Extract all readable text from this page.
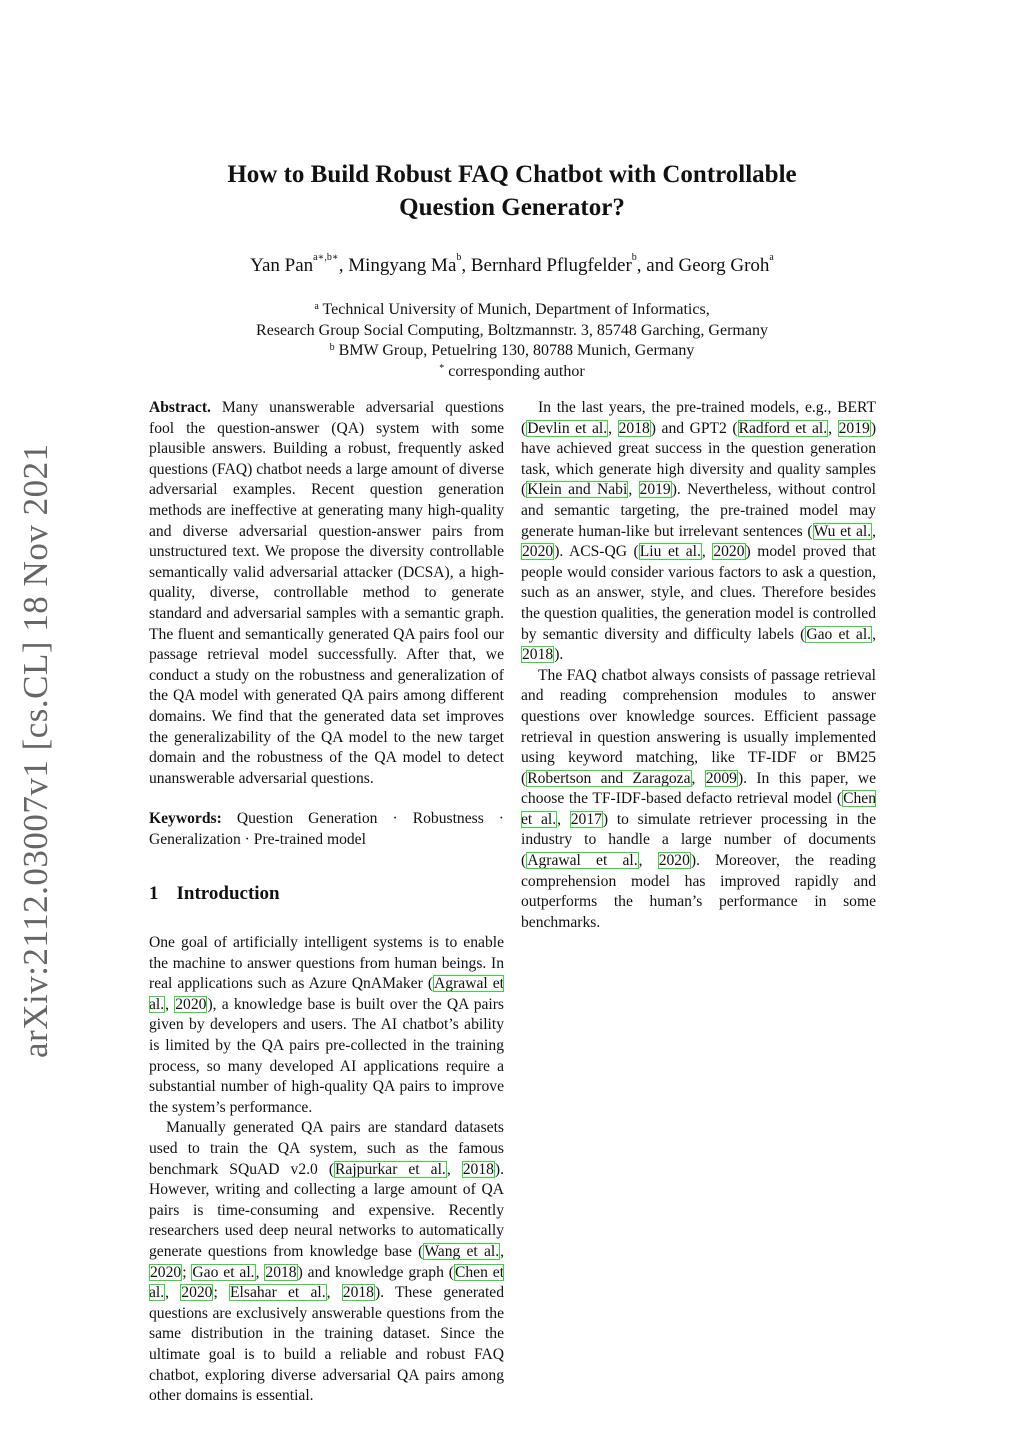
arXiv:2112.03007v1 [cs.CL] 18 Nov 2021
How to Build Robust FAQ Chatbot with Controllable
Question Generator?
Yan Pan$^{a∗,b∗}$, Mingyang Ma$^b$, Bernhard Pflugfelder$^b$, and Georg Groh$^a$
$^a$ Technical University of Munich, Department of Informatics,
Research Group Social Computing, Boltzmannstr. 3, 85748 Garching, Germany
$^b$ BMW Group, Petuelring 130, 80788 Munich, Germany
* corresponding author

Abstract. Many unanswerable adversarial questions fool the question-answer (QA) system with some plausible answers. Building a robust, frequently asked questions (FAQ) chatbot needs a large amount of diverse adversarial examples. Recent question generation methods are ineffective at generating many high-quality and diverse adversarial question-answer pairs from unstructured text. We propose the diversity controllable semantically valid adversarial attacker (DCSA), a high-quality, diverse, controllable method to generate standard and adversarial samples with a semantic graph. The fluent and semantically generated QA pairs fool our passage retrieval model successfully. After that, we conduct a study on the robustness and generalization of the QA model with generated QA pairs among different domains. We find that the generated data set improves the generalizability of the QA model to the new target domain and the robustness of the QA model to detect unanswerable adversarial questions.

Keywords: Question Generation · Robustness · Generalization · Pre-trained model

1 Introduction

One goal of artificially intelligent systems is to enable the machine to answer questions from human beings. In real applications such as Azure QnAMaker (Agrawal et al., 2020), a knowledge base is built over the QA pairs given by developers and users. The AI chatbot’s ability is limited by the QA pairs pre-collected in the training process, so many developed AI applications require a substantial number of high-quality QA pairs to improve the system’s performance.

Manually generated QA pairs are standard datasets used to train the QA system, such as the famous benchmark SQuAD v2.0 (Rajpurkar et al., 2018). However, writing and collecting a large amount of QA pairs is time-consuming and expensive. Recently researchers used deep neural networks to automatically generate questions from knowledge base (Wang et al., 2020; Gao et al., 2018) and knowledge graph (Chen et al., 2020; Elsahar et al., 2018). These generated questions are exclusively answerable questions from the same distribution in the training dataset. Since the ultimate goal is to build a reliable and robust FAQ chatbot, exploring diverse adversarial QA pairs among other domains is essential.

In the last years, the pre-trained models, e.g., BERT (Devlin et al., 2018) and GPT2 (Radford et al., 2019) have achieved great success in the question generation task, which generate high diversity and quality samples (Klein and Nabi, 2019). Nevertheless, without control and semantic targeting, the pre-trained model may generate human-like but irrelevant sentences (Wu et al., 2020). ACS-QG (Liu et al., 2020) model proved that people would consider various factors to ask a question, such as an answer, style, and clues. Therefore besides the question qualities, the generation model is controlled by semantic diversity and difficulty labels (Gao et al., 2018).

The FAQ chatbot always consists of passage retrieval and reading comprehension modules to answer questions over knowledge sources. Efficient passage retrieval in question answering is usually implemented using keyword matching, like TF-IDF or BM25 (Robertson and Zaragoza, 2009). In this paper, we choose the TF-IDF-based defacto retrieval model (Chen et al., 2017) to simulate retriever processing in the industry to handle a large number of documents (Agrawal et al., 2020). Moreover, the reading comprehension model has improved rapidly and outperforms the human’s performance in some benchmarks.
